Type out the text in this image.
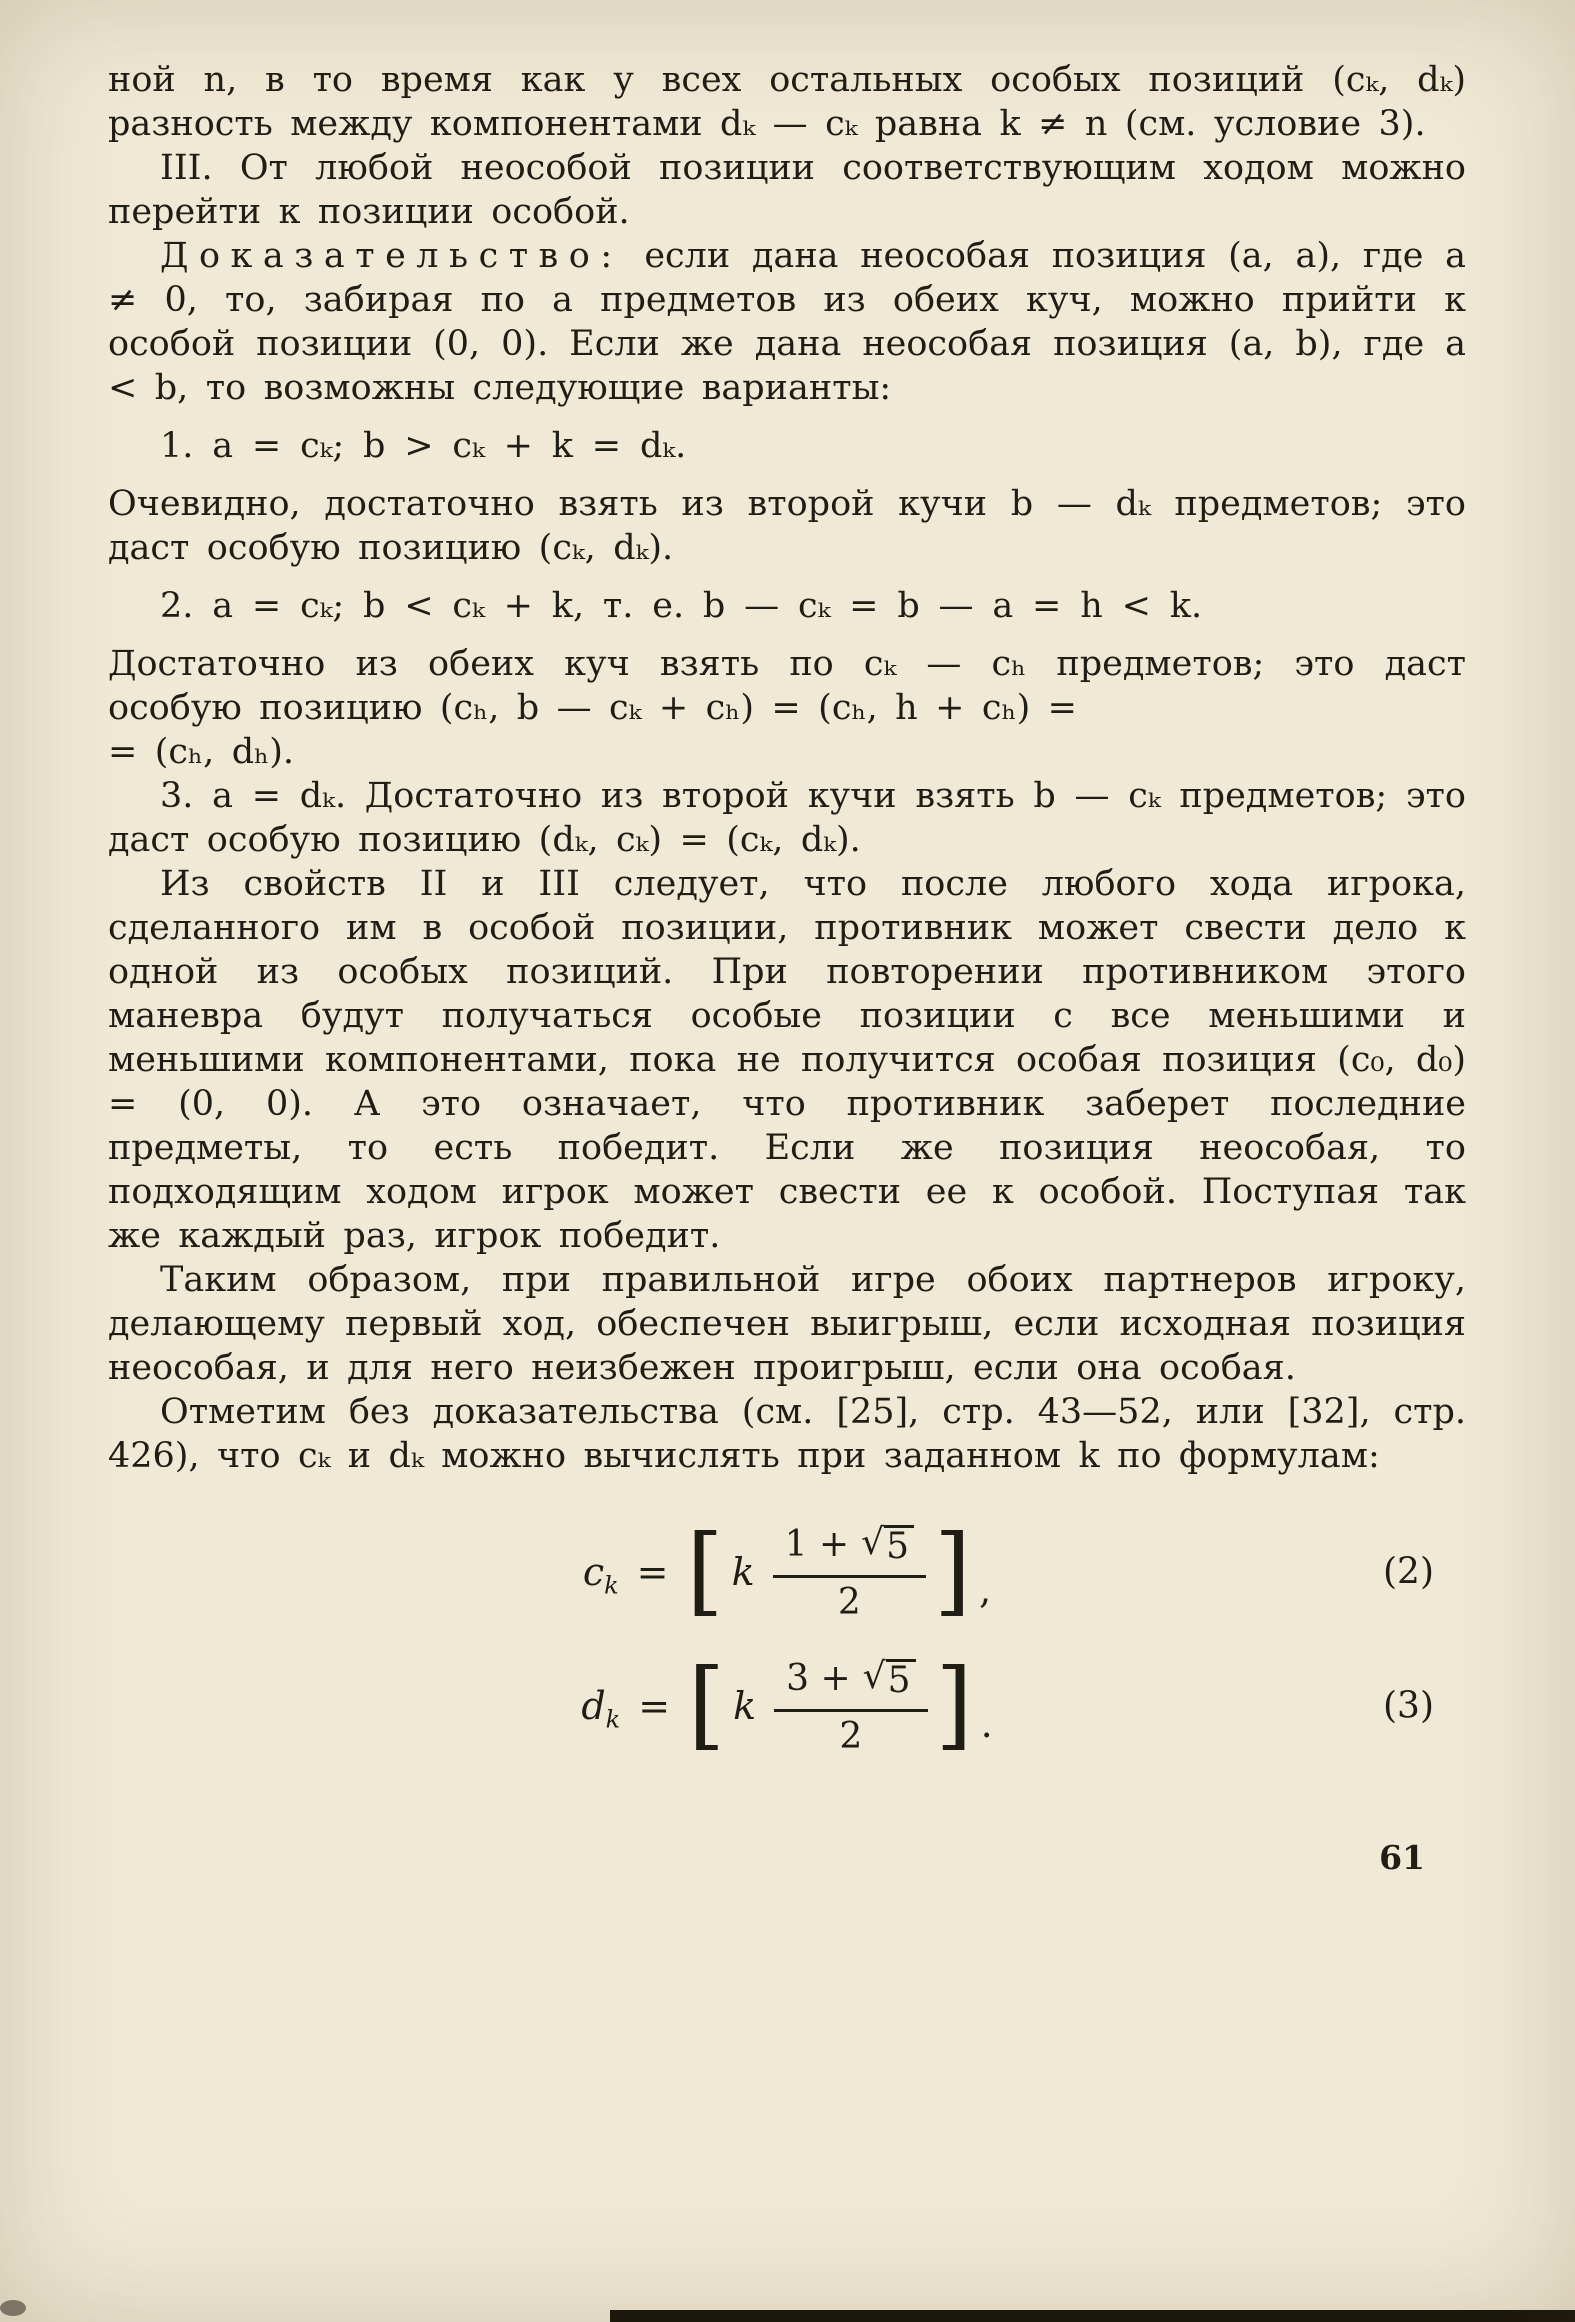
ной n, в то время как у всех остальных особых позиций (cₖ, dₖ) разность между компонентами dₖ — cₖ равна k ≠ n (см. условие 3).

III. От любой неособой позиции соответствующим ходом можно перейти к позиции особой.

Доказательство: если дана неособая позиция (a, a), где a ≠ 0, то, забирая по a предметов из обеих куч, можно прийти к особой позиции (0, 0). Если же дана неособая позиция (a, b), где a < b, то возможны следующие варианты:

1. a = cₖ; b > cₖ + k = dₖ.

Очевидно, достаточно взять из второй кучи b — dₖ предметов; это даст особую позицию (cₖ, dₖ).

2. a = cₖ; b < cₖ + k, т. е. b — cₖ = b — a = h < k.

Достаточно из обеих куч взять по cₖ — cₕ предметов; это даст особую позицию (cₕ, b — cₖ + cₕ) = (cₕ, h + cₕ) =
= (cₕ, dₕ).

3. a = dₖ. Достаточно из второй кучи взять b — cₖ предметов; это даст особую позицию (dₖ, cₖ) = (cₖ, dₖ).

Из свойств II и III следует, что после любого хода игрока, сделанного им в особой позиции, противник может свести дело к одной из особых позиций. При повторении противником этого маневра будут получаться особые позиции с все меньшими и меньшими компонентами, пока не получится особая позиция (c₀, d₀) = (0, 0). А это означает, что противник заберет последние предметы, то есть победит. Если же позиция неособая, то подходящим ходом игрок может свести ее к особой. Поступая так же каждый раз, игрок победит.

Таким образом, при правильной игре обоих партнеров игроку, делающему первый ход, обеспечен выигрыш, если исходная позиция неособая, и для него неизбежен проигрыш, если она особая.

Отметим без доказательства (см. [25], стр. 43—52, или [32], стр. 426), что cₖ и dₖ можно вычислять при заданном k по формулам:

$c_k$ = [ k $\frac{1 + √ 5}{2}$ ] ,	(2)
$d_k$ = [ k $\frac{3 + √ 5}{2}$ ] .	(3)
61
